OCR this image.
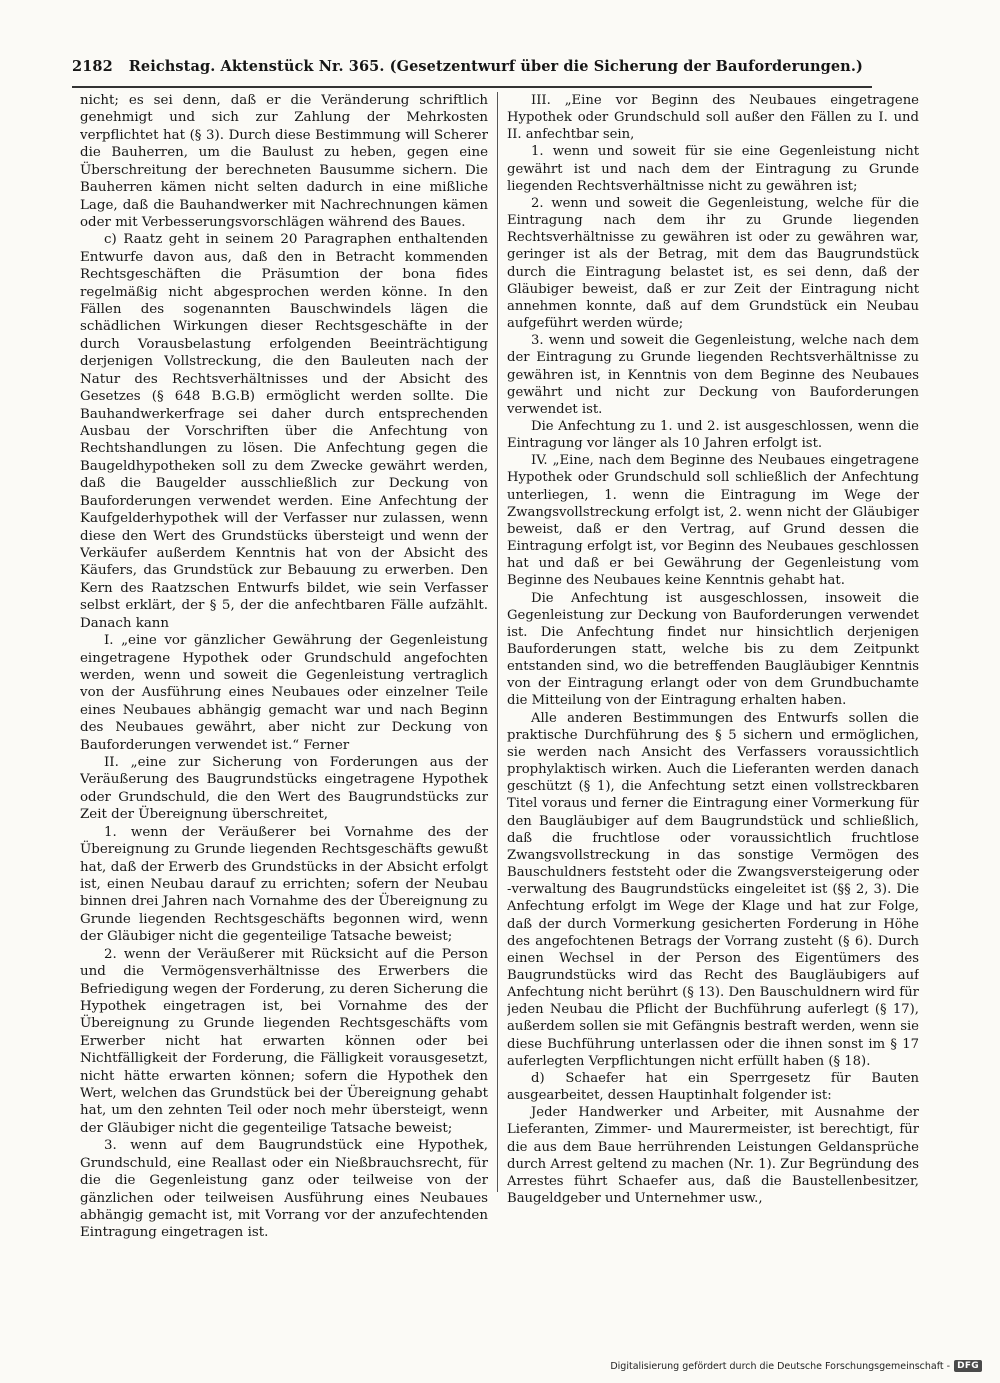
2182 Reichstag. Aktenstück Nr. 365. (Gesetzentwurf über die Sicherung der Bauforderungen.)

nicht; es sei denn, daß er die Veränderung schriftlich genehmigt und sich zur Zahlung der Mehrkosten verpflichtet hat (§ 3). Durch diese Bestimmung will Scherer die Bauherren, um die Baulust zu heben, gegen eine Überschreitung der berechneten Bausumme sichern. Die Bauherren kämen nicht selten dadurch in eine mißliche Lage, daß die Bauhandwerker mit Nachrechnungen kämen oder mit Verbesserungsvorschlägen während des Baues.

c) Raatz geht in seinem 20 Paragraphen enthaltenden Entwurfe davon aus, daß den in Betracht kommenden Rechtsgeschäften die Präsumtion der bona fides regelmäßig nicht abgesprochen werden könne. In den Fällen des sogenannten Bauschwindels lägen die schädlichen Wirkungen dieser Rechtsgeschäfte in der durch Vorausbelastung erfolgenden Beeinträchtigung derjenigen Vollstreckung, die den Bauleuten nach der Natur des Rechtsverhältnisses und der Absicht des Gesetzes (§ 648 B.G.B) ermöglicht werden sollte. Die Bauhandwerkerfrage sei daher durch entsprechenden Ausbau der Vorschriften über die Anfechtung von Rechtshandlungen zu lösen. Die Anfechtung gegen die Baugeldhypotheken soll zu dem Zwecke gewährt werden, daß die Baugelder ausschließlich zur Deckung von Bauforderungen verwendet werden. Eine Anfechtung der Kaufgelderhypothek will der Verfasser nur zulassen, wenn diese den Wert des Grundstücks übersteigt und wenn der Verkäufer außerdem Kenntnis hat von der Absicht des Käufers, das Grundstück zur Bebauung zu erwerben. Den Kern des Raatzschen Entwurfs bildet, wie sein Verfasser selbst erklärt, der § 5, der die anfechtbaren Fälle aufzählt. Danach kann

I. „eine vor gänzlicher Gewährung der Gegenleistung eingetragene Hypothek oder Grundschuld angefochten werden, wenn und soweit die Gegenleistung vertraglich von der Ausführung eines Neubaues oder einzelner Teile eines Neubaues abhängig gemacht war und nach Beginn des Neubaues gewährt, aber nicht zur Deckung von Bauforderungen verwendet ist.“ Ferner

II. „eine zur Sicherung von Forderungen aus der Veräußerung des Baugrundstücks eingetragene Hypothek oder Grundschuld, die den Wert des Baugrundstücks zur Zeit der Übereignung überschreitet,

1. wenn der Veräußerer bei Vornahme des der Übereignung zu Grunde liegenden Rechtsgeschäfts gewußt hat, daß der Erwerb des Grundstücks in der Absicht erfolgt ist, einen Neubau darauf zu errichten; sofern der Neubau binnen drei Jahren nach Vornahme des der Übereignung zu Grunde liegenden Rechtsgeschäfts begonnen wird, wenn der Gläubiger nicht die gegenteilige Tatsache beweist;

2. wenn der Veräußerer mit Rücksicht auf die Person und die Vermögensverhältnisse des Erwerbers die Befriedigung wegen der Forderung, zu deren Sicherung die Hypothek eingetragen ist, bei Vornahme des der Übereignung zu Grunde liegenden Rechtsgeschäfts vom Erwerber nicht hat erwarten können oder bei Nichtfälligkeit der Forderung, die Fälligkeit vorausgesetzt, nicht hätte erwarten können; sofern die Hypothek den Wert, welchen das Grundstück bei der Übereignung gehabt hat, um den zehnten Teil oder noch mehr übersteigt, wenn der Gläubiger nicht die gegenteilige Tatsache beweist;

3. wenn auf dem Baugrundstück eine Hypothek, Grundschuld, eine Reallast oder ein Nießbrauchsrecht, für die die Gegenleistung ganz oder teilweise von der gänzlichen oder teilweisen Ausführung eines Neubaues abhängig gemacht ist, mit Vorrang vor der anzufechtenden Eintragung eingetragen ist.

III. „Eine vor Beginn des Neubaues eingetragene Hypothek oder Grundschuld soll außer den Fällen zu I. und II. anfechtbar sein,

1. wenn und soweit für sie eine Gegenleistung nicht gewährt ist und nach dem der Eintragung zu Grunde liegenden Rechtsverhältnisse nicht zu gewähren ist;

2. wenn und soweit die Gegenleistung, welche für die Eintragung nach dem ihr zu Grunde liegenden Rechtsverhältnisse zu gewähren ist oder zu gewähren war, geringer ist als der Betrag, mit dem das Baugrundstück durch die Eintragung belastet ist, es sei denn, daß der Gläubiger beweist, daß er zur Zeit der Eintragung nicht annehmen konnte, daß auf dem Grundstück ein Neubau aufgeführt werden würde;

3. wenn und soweit die Gegenleistung, welche nach dem der Eintragung zu Grunde liegenden Rechtsverhältnisse zu gewähren ist, in Kenntnis von dem Beginne des Neubaues gewährt und nicht zur Deckung von Bauforderungen verwendet ist.

Die Anfechtung zu 1. und 2. ist ausgeschlossen, wenn die Eintragung vor länger als 10 Jahren erfolgt ist.

IV. „Eine, nach dem Beginne des Neubaues eingetragene Hypothek oder Grundschuld soll schließlich der Anfechtung unterliegen, 1. wenn die Eintragung im Wege der Zwangsvollstreckung erfolgt ist, 2. wenn nicht der Gläubiger beweist, daß er den Vertrag, auf Grund dessen die Eintragung erfolgt ist, vor Beginn des Neubaues geschlossen hat und daß er bei Gewährung der Gegenleistung vom Beginne des Neubaues keine Kenntnis gehabt hat.

Die Anfechtung ist ausgeschlossen, insoweit die Gegenleistung zur Deckung von Bauforderungen verwendet ist. Die Anfechtung findet nur hinsichtlich derjenigen Bauforderungen statt, welche bis zu dem Zeitpunkt entstanden sind, wo die betreffenden Baugläubiger Kenntnis von der Eintragung erlangt oder von dem Grundbuchamte die Mitteilung von der Eintragung erhalten haben.

Alle anderen Bestimmungen des Entwurfs sollen die praktische Durchführung des § 5 sichern und ermöglichen, sie werden nach Ansicht des Verfassers voraussichtlich prophylaktisch wirken. Auch die Lieferanten werden danach geschützt (§ 1), die Anfechtung setzt einen vollstreckbaren Titel voraus und ferner die Eintragung einer Vormerkung für den Baugläubiger auf dem Baugrundstück und schließlich, daß die fruchtlose oder voraussichtlich fruchtlose Zwangsvollstreckung in das sonstige Vermögen des Bauschuldners feststeht oder die Zwangsversteigerung oder -verwaltung des Baugrundstücks eingeleitet ist (§§ 2, 3). Die Anfechtung erfolgt im Wege der Klage und hat zur Folge, daß der durch Vormerkung gesicherten Forderung in Höhe des angefochtenen Betrags der Vorrang zusteht (§ 6). Durch einen Wechsel in der Person des Eigentümers des Baugrundstücks wird das Recht des Baugläubigers auf Anfechtung nicht berührt (§ 13). Den Bauschuldnern wird für jeden Neubau die Pflicht der Buchführung auferlegt (§ 17), außerdem sollen sie mit Gefängnis bestraft werden, wenn sie diese Buchführung unterlassen oder die ihnen sonst im § 17 auferlegten Verpflichtungen nicht erfüllt haben (§ 18).

d) Schaefer hat ein Sperrgesetz für Bauten ausgearbeitet, dessen Hauptinhalt folgender ist:

Jeder Handwerker und Arbeiter, mit Ausnahme der Lieferanten, Zimmer- und Maurermeister, ist berechtigt, für die aus dem Baue herrührenden Leistungen Geldansprüche durch Arrest geltend zu machen (Nr. 1). Zur Begründung des Arrestes führt Schaefer aus, daß die Baustellenbesitzer, Baugeldgeber und Unternehmer usw.,

Digitalisierung gefördert durch die Deutsche Forschungsgemeinschaft - DFG
